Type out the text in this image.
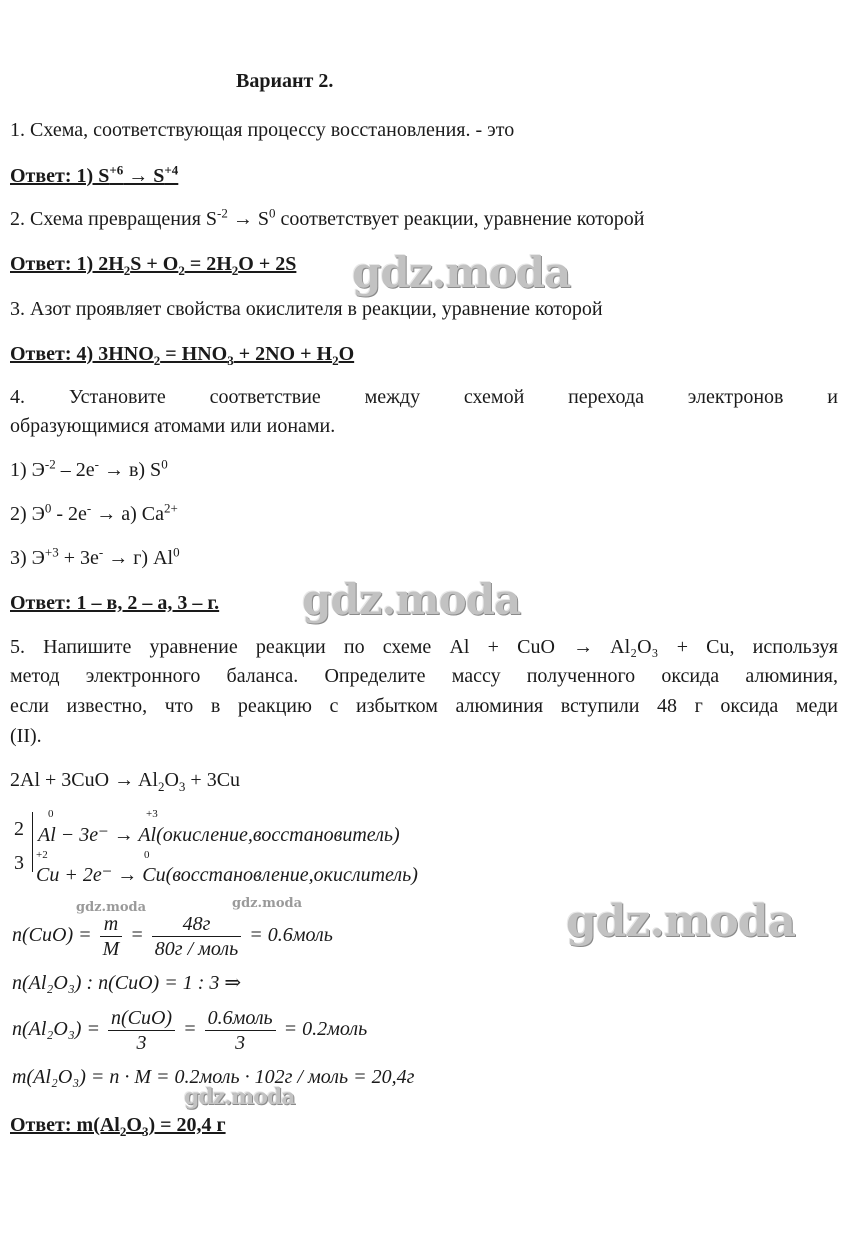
Вариант 2.
1. Схема, соответствующая процессу восстановления. - это
Ответ: 1) $S^{+6} \to S^{+4}$
2. Схема превращения $S^{-2} \to S^0$ соответствует реакции, уравнение которой
Ответ: 1) $2H_2S + O_2 = 2H_2O + 2S$
3. Азот проявляет свойства окислителя в реакции, уравнение которой
Ответ: 4) $3HNO_2 = HNO_3 + 2NO + H_2O$
4. Установите соответствие между схемой перехода электронов и
образующимися атомами или ионами.
1) $Э^{-2} - 2e^- \to в$) $S^0$
2) $Э^0 - 2e^- \to а$) $Ca^{2+}$
3) $Э^{+3} + 3e^- \to г$) Al$^0$
Ответ: 1 – в, 2 – а, 3 – г.
5. Напишите уравнение реакции по схеме Al + CuO → Al₂O₃ + Cu, используя
метод электронного баланса. Определите массу полученного оксида алюминия,
если известно, что в реакцию с избытком алюминия вступили 48 г оксида меди
(II).
$2Al + 3CuO \to Al_2O_3 + 3Cu$
2
3
0	+3
Al − 3e⁻ → Al(окисление,восстановитель)
+2	0
Cu + 2e⁻ → Cu(восстановление,окислитель)
$n(CuO) = \frac{m}{M} = \frac{48г}{\text{80г / моль}}$ = 0.6моль
n(Al₂O₃) : n(CuO) = 1 : 3 ⇒
$n(Al_2O_3) = \frac{\text{n(CuO)}}{3} = \frac{\text{0.6моль}}{3}$ = 0.2моль
m(Al₂O₃) = n · M = 0.2моль · 102г / моль = 20,4г
Ответ: $m(Al_2O_3) = 20,4$ г
gdz.moda
gdz.moda
gdz.moda
gdz.moda	gdz.moda
gdz.moda
